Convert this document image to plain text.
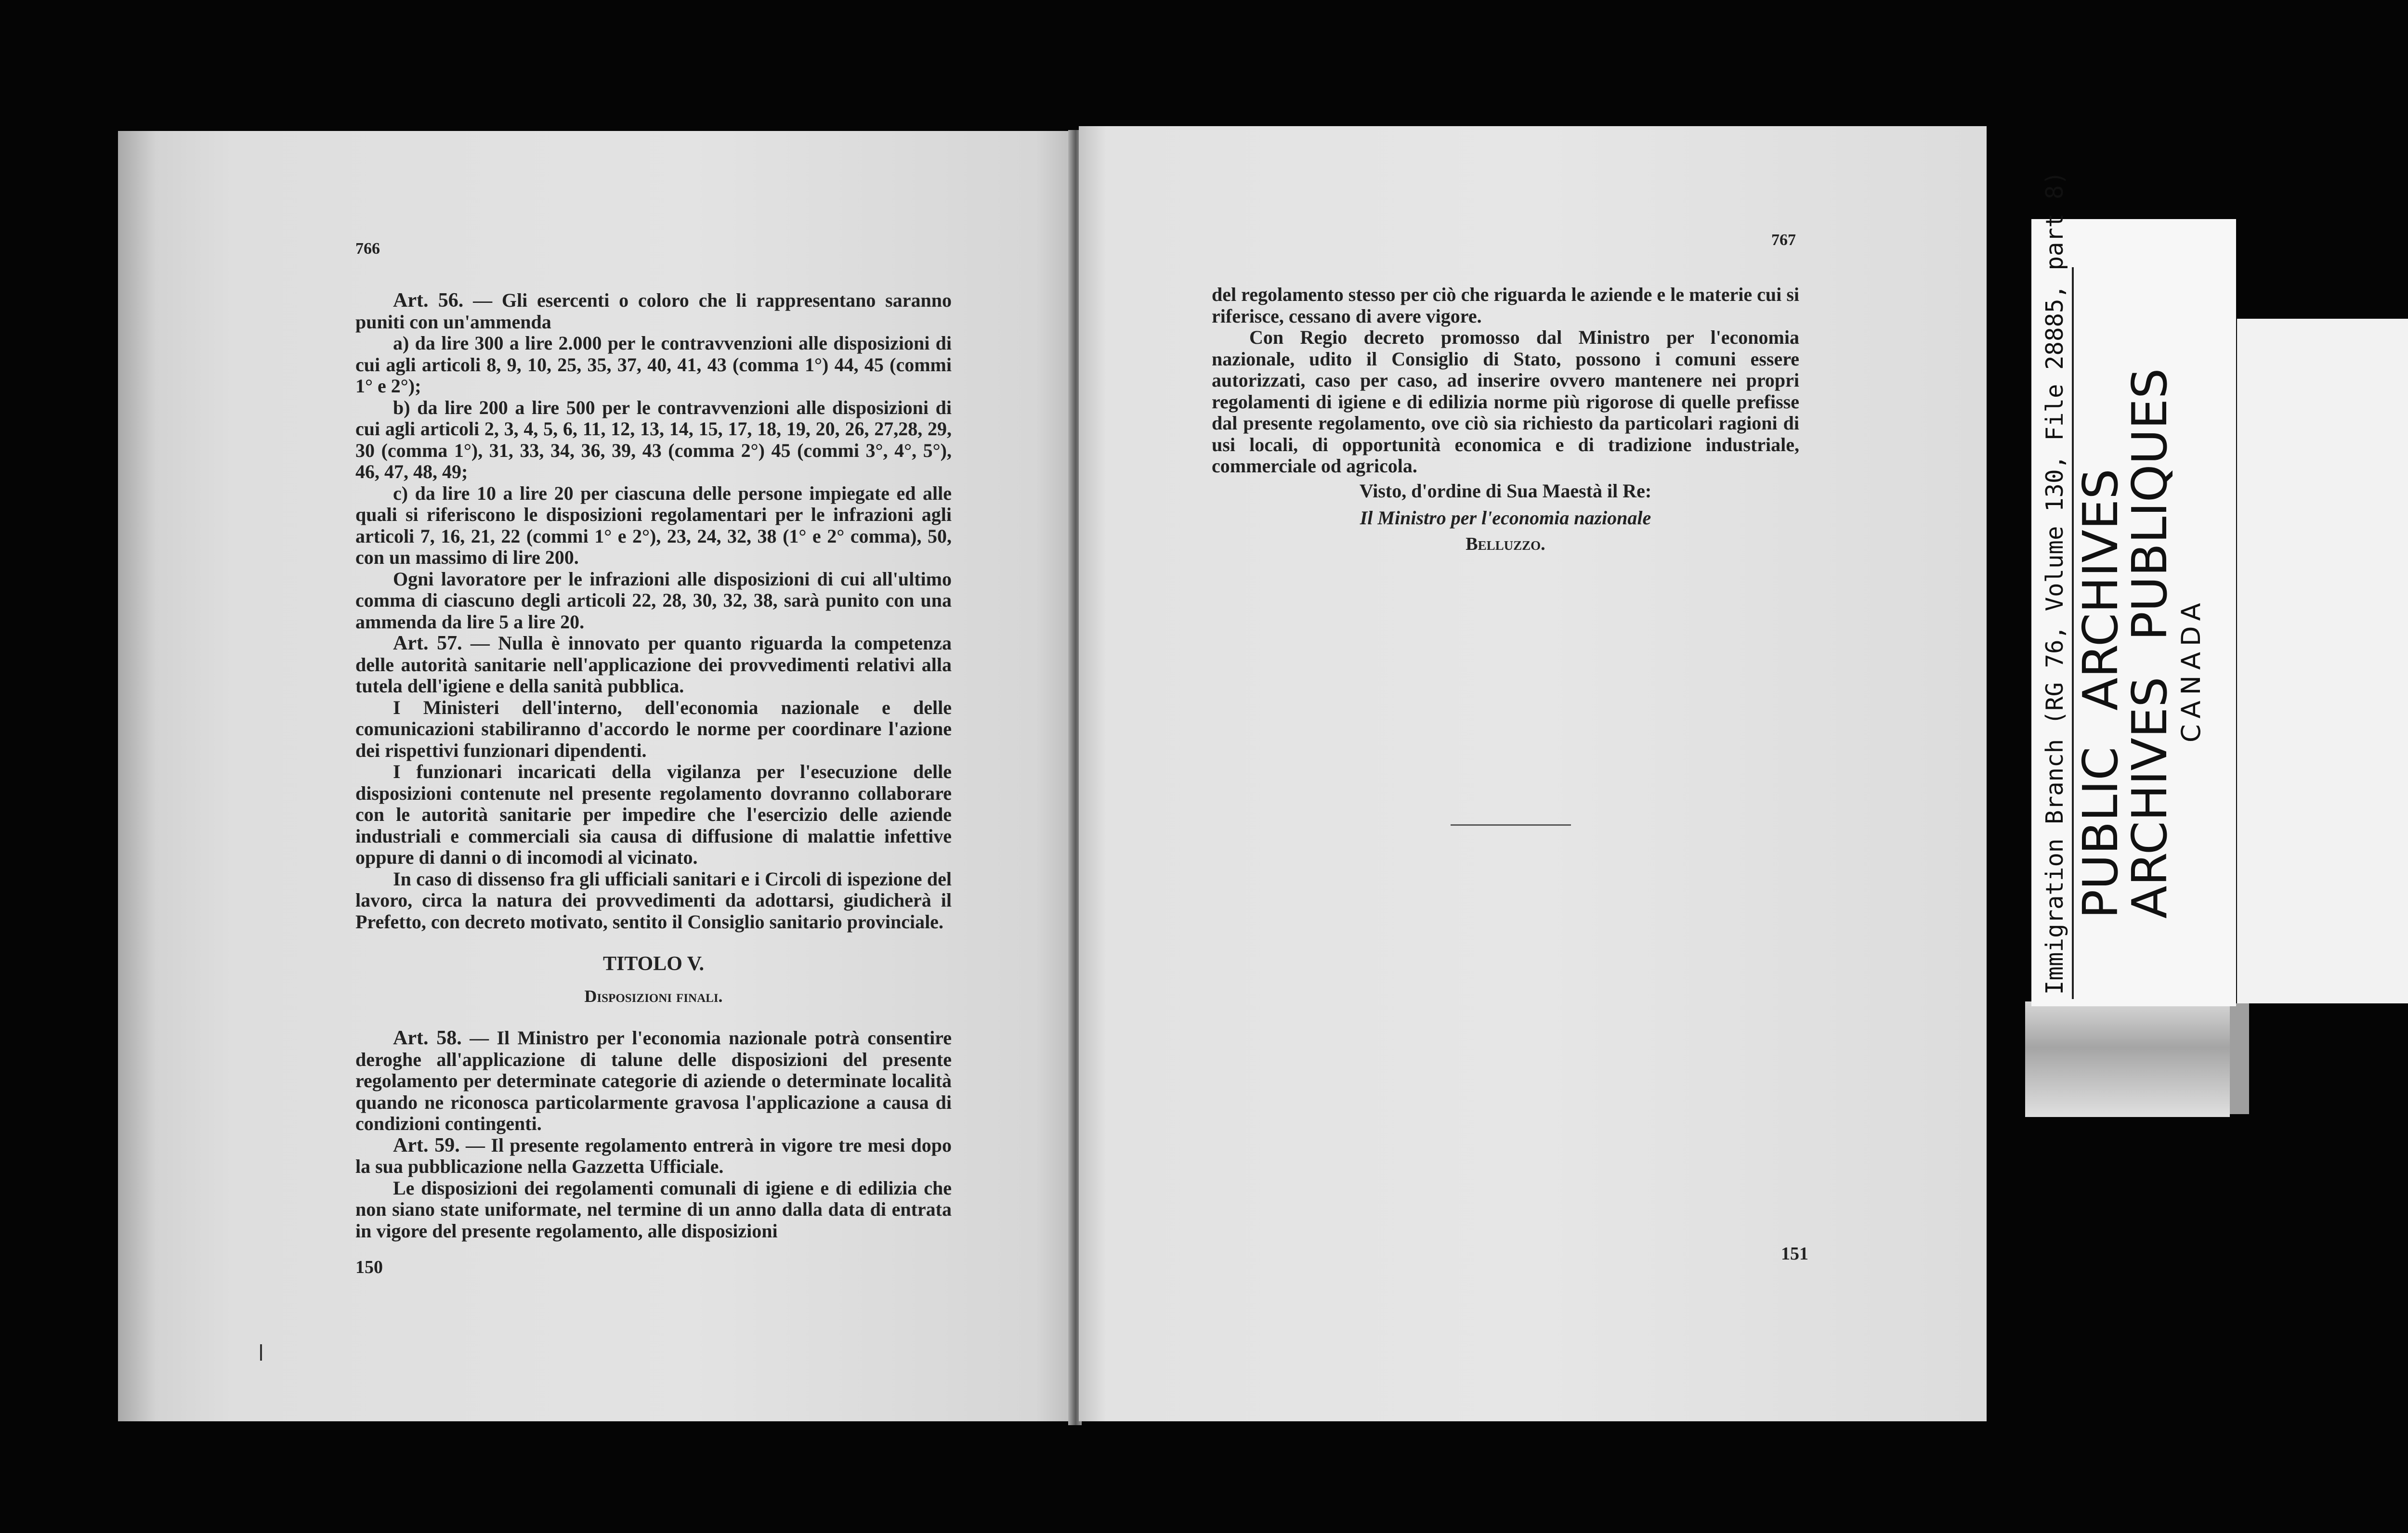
766

Art. 56. — Gli esercenti o coloro che li rappresentano saranno puniti con un'ammenda

a) da lire 300 a lire 2.000 per le contravvenzioni alle disposizioni di cui agli articoli 8, 9, 10, 25, 35, 37, 40, 41, 43 (comma 1°) 44, 45 (commi 1° e 2°);

b) da lire 200 a lire 500 per le contravvenzioni alle disposizioni di cui agli articoli 2, 3, 4, 5, 6, 11, 12, 13, 14, 15, 17, 18, 19, 20, 26, 27,28, 29, 30 (comma 1°), 31, 33, 34, 36, 39, 43 (comma 2°) 45 (commi 3°, 4°, 5°), 46, 47, 48, 49;

c) da lire 10 a lire 20 per ciascuna delle persone impiegate ed alle quali si riferiscono le disposizioni regolamentari per le infrazioni agli articoli 7, 16, 21, 22 (commi 1° e 2°), 23, 24, 32, 38 (1° e 2° comma), 50, con un massimo di lire 200.

Ogni lavoratore per le infrazioni alle disposizioni di cui all'ultimo comma di ciascuno degli articoli 22, 28, 30, 32, 38, sarà punito con una ammenda da lire 5 a lire 20.

Art. 57. — Nulla è innovato per quanto riguarda la competenza delle autorità sanitarie nell'applicazione dei provvedimenti relativi alla tutela dell'igiene e della sanità pubblica.

I Ministeri dell'interno, dell'economia nazionale e delle comunicazioni stabiliranno d'accordo le norme per coordinare l'azione dei rispettivi funzionari dipendenti.

I funzionari incaricati della vigilanza per l'esecuzione delle disposizioni contenute nel presente regolamento dovranno collaborare con le autorità sanitarie per impedire che l'esercizio delle aziende industriali e commerciali sia causa di diffusione di malattie infettive oppure di danni o di incomodi al vicinato.

In caso di dissenso fra gli ufficiali sanitari e i Circoli di ispezione del lavoro, circa la natura dei provvedimenti da adottarsi, giudicherà il Prefetto, con decreto motivato, sentito il Consiglio sanitario provinciale.

TITOLO V.
Disposizioni finali.

Art. 58. — Il Ministro per l'economia nazionale potrà consentire deroghe all'applicazione di talune delle disposizioni del presente regolamento per determinate categorie di aziende o determinate località quando ne riconosca particolarmente gravosa l'applicazione a causa di condizioni contingenti.

Art. 59. — Il presente regolamento entrerà in vigore tre mesi dopo la sua pubblicazione nella Gazzetta Ufficiale.

Le disposizioni dei regolamenti comunali di igiene e di edilizia che non siano state uniformate, nel termine di un anno dalla data di entrata in vigore del presente regolamento, alle disposizioni

150
767

del regolamento stesso per ciò che riguarda le aziende e le materie cui si riferisce, cessano di avere vigore.

Con Regio decreto promosso dal Ministro per l'economia nazionale, udito il Consiglio di Stato, possono i comuni essere autorizzati, caso per caso, ad inserire ovvero mantenere nei propri regolamenti di igiene e di edilizia norme più rigorose di quelle prefisse dal presente regolamento, ove ciò sia richiesto da particolari ragioni di usi locali, di opportunità economica e di tradizione industriale, commerciale od agricola.

Visto, d'ordine di Sua Maestà il Re:
Il Ministro per l'economia nazionale
Belluzzo.
151
Immigration Branch (RG 76, Volume 130, File 28885, part 8) PUBLICARCHIVES
ARCHIVESPUBLIQUES
CANADA
